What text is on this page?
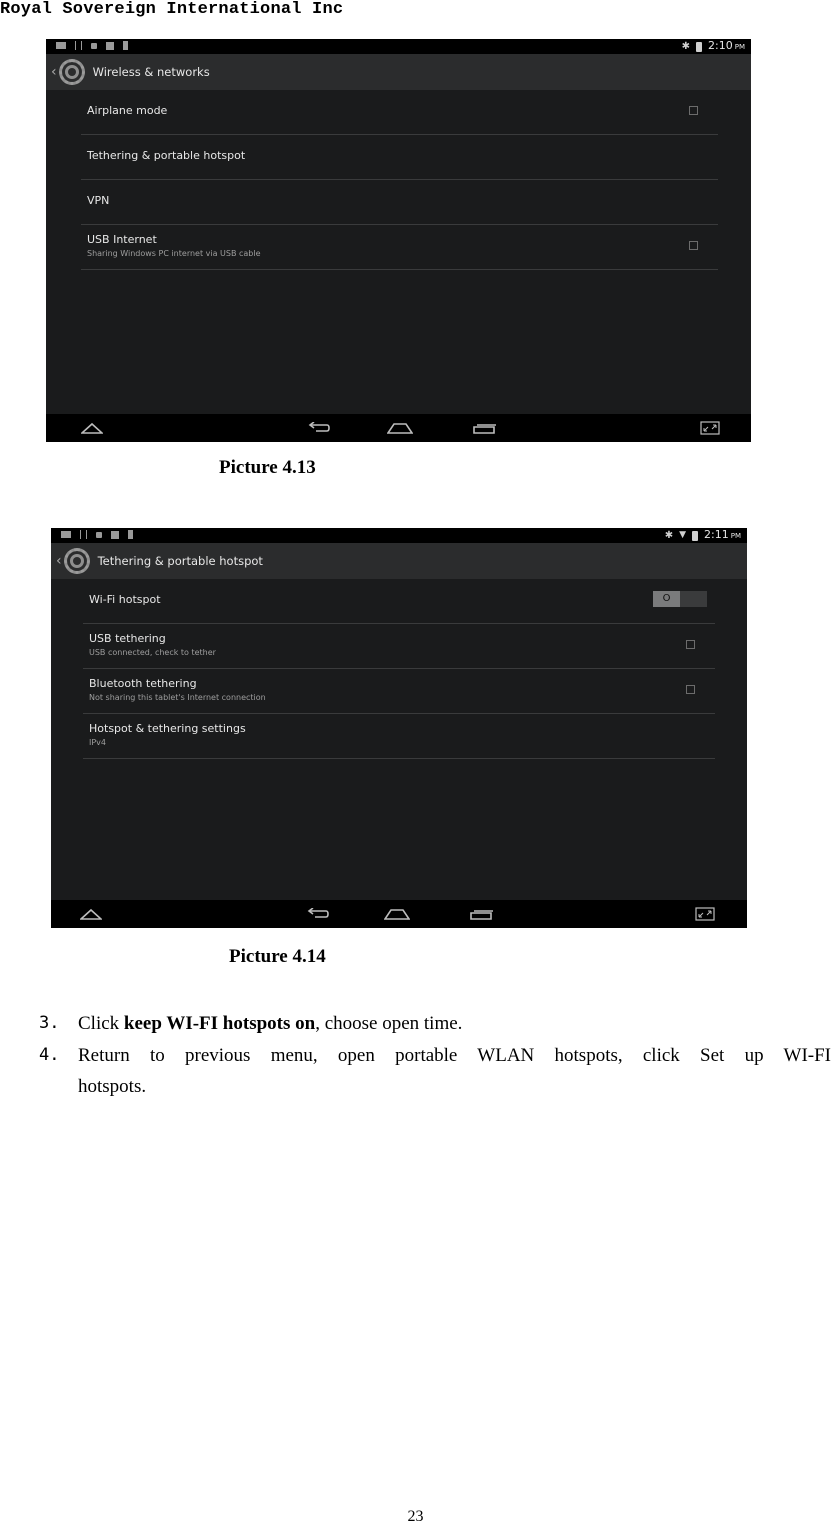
Royal Sovereign International Inc
✱ 2:10 PM
‹	Wireless & networks
Airplane mode
Tethering & portable hotspot
VPN
USB Internet
Sharing Windows PC internet via USB cable
Picture 4.13
✱ ▼ 2:11 PM
‹	Tethering & portable hotspot
Wi-Fi hotspot	O
USB tethering
USB connected, check to tether
Bluetooth tethering
Not sharing this tablet's Internet connection
Hotspot & tethering settings
IPv4
Picture 4.14
3. Click keep WI-FI hotspots on, choose open time.
4. Return to previous menu, open portable WLAN hotspots, click Set up WI-FI
hotspots.
23
